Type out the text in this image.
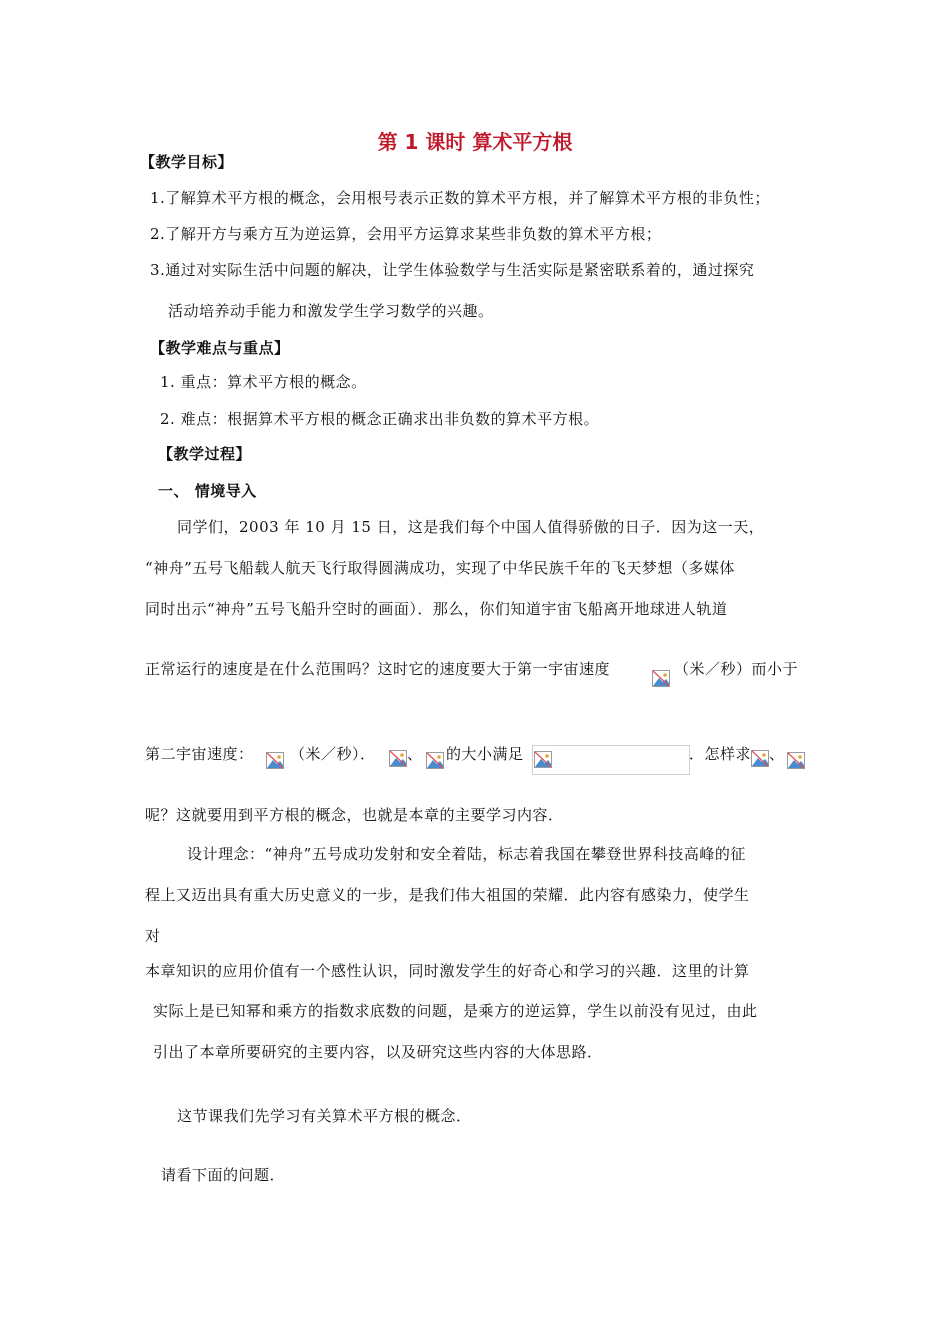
第 1 课时 算术平方根
【教学目标】
1.了解算术平方根的概念，会用根号表示正数的算术平方根，并了解算术平方根的非负性；
2.了解开方与乘方互为逆运算，会用平方运算求某些非负数的算术平方根；
3.通过对实际生活中问题的解决，让学生体验数学与生活实际是紧密联系着的，通过探究
活动培养动手能力和激发学生学习数学的兴趣。
【教学难点与重点】
1. 重点：算术平方根的概念。
2. 难点：根据算术平方根的概念正确求出非负数的算术平方根。
【教学过程】
一、 情境导入
同学们，2003 年 10 月 15 日，这是我们每个中国人值得骄傲的日子．因为这一天，
“神舟”五号飞船载人航天飞行取得圆满成功，实现了中华民族千年的飞天梦想（多媒体
同时出示“神舟”五号飞船升空时的画面）．那么，你们知道宇宙飞船离开地球进人轨道
正常运行的速度是在什么范围吗？这时它的速度要大于第一宇宙速度	（米／秒）而小于
第二宇宙速度： （米／秒）． 、 的大小满足	．怎样求 、
呢？这就要用到平方根的概念，也就是本章的主要学习内容．
设计理念：“神舟”五号成功发射和安全着陆，标志着我国在攀登世界科技高峰的征
程上又迈出具有重大历史意义的一步，是我们伟大祖国的荣耀．此内容有感染力，使学生
对
本章知识的应用价值有一个感性认识，同时激发学生的好奇心和学习的兴趣．这里的计算
实际上是已知幂和乘方的指数求底数的问题，是乘方的逆运算，学生以前没有见过，由此
引出了本章所要研究的主要内容，以及研究这些内容的大体思路．
这节课我们先学习有关算术平方根的概念．
请看下面的问题．
